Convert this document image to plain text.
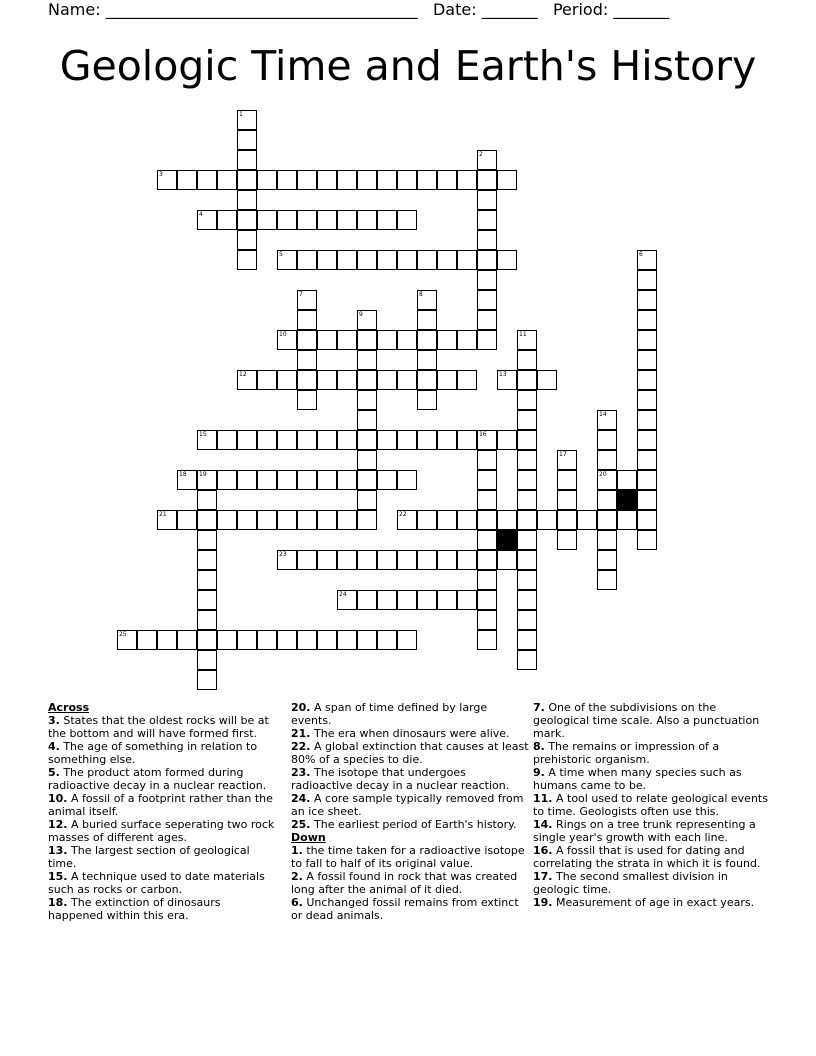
Name: _______________________________________ Date: _______ Period: _______
Geologic Time and Earth's History
1
2
3
4
5	6
7	8
9
10	11
12	13
14
20
15	16
17
18 19
21	22
23
24
25
Across
3. States that the oldest rocks will be at the bottom and will have formed first.
4. The age of something in relation to something else.
5. The product atom formed during radioactive decay in a nuclear reaction.
10. A fossil of a footprint rather than the animal itself.
12. A buried surface seperating two rock masses of different ages.
13. The largest section of geological time.
15. A technique used to date materials such as rocks or carbon.
18. The extinction of dinosaurs happened within this era.
20. A span of time defined by large events.
21. The era when dinosaurs were alive.
22. A global extinction that causes at least 80% of a species to die.
23. The isotope that undergoes radioactive decay in a nuclear reaction.
24. A core sample typically removed from an ice sheet.
25. The earliest period of Earth's history.
Down
1. the time taken for a radioactive isotope to fall to half of its original value.
2. A fossil found in rock that was created long after the animal of it died.
6. Unchanged fossil remains from extinct or dead animals.
7. One of the subdivisions on the geological time scale. Also a punctuation mark.
8. The remains or impression of a prehistoric organism.
9. A time when many species such as humans came to be.
11. A tool used to relate geological events to time. Geologists often use this.
14. Rings on a tree trunk representing a single year's growth with each line.
16. A fossil that is used for dating and correlating the strata in which it is found.
17. The second smallest division in geologic time.
19. Measurement of age in exact years.
